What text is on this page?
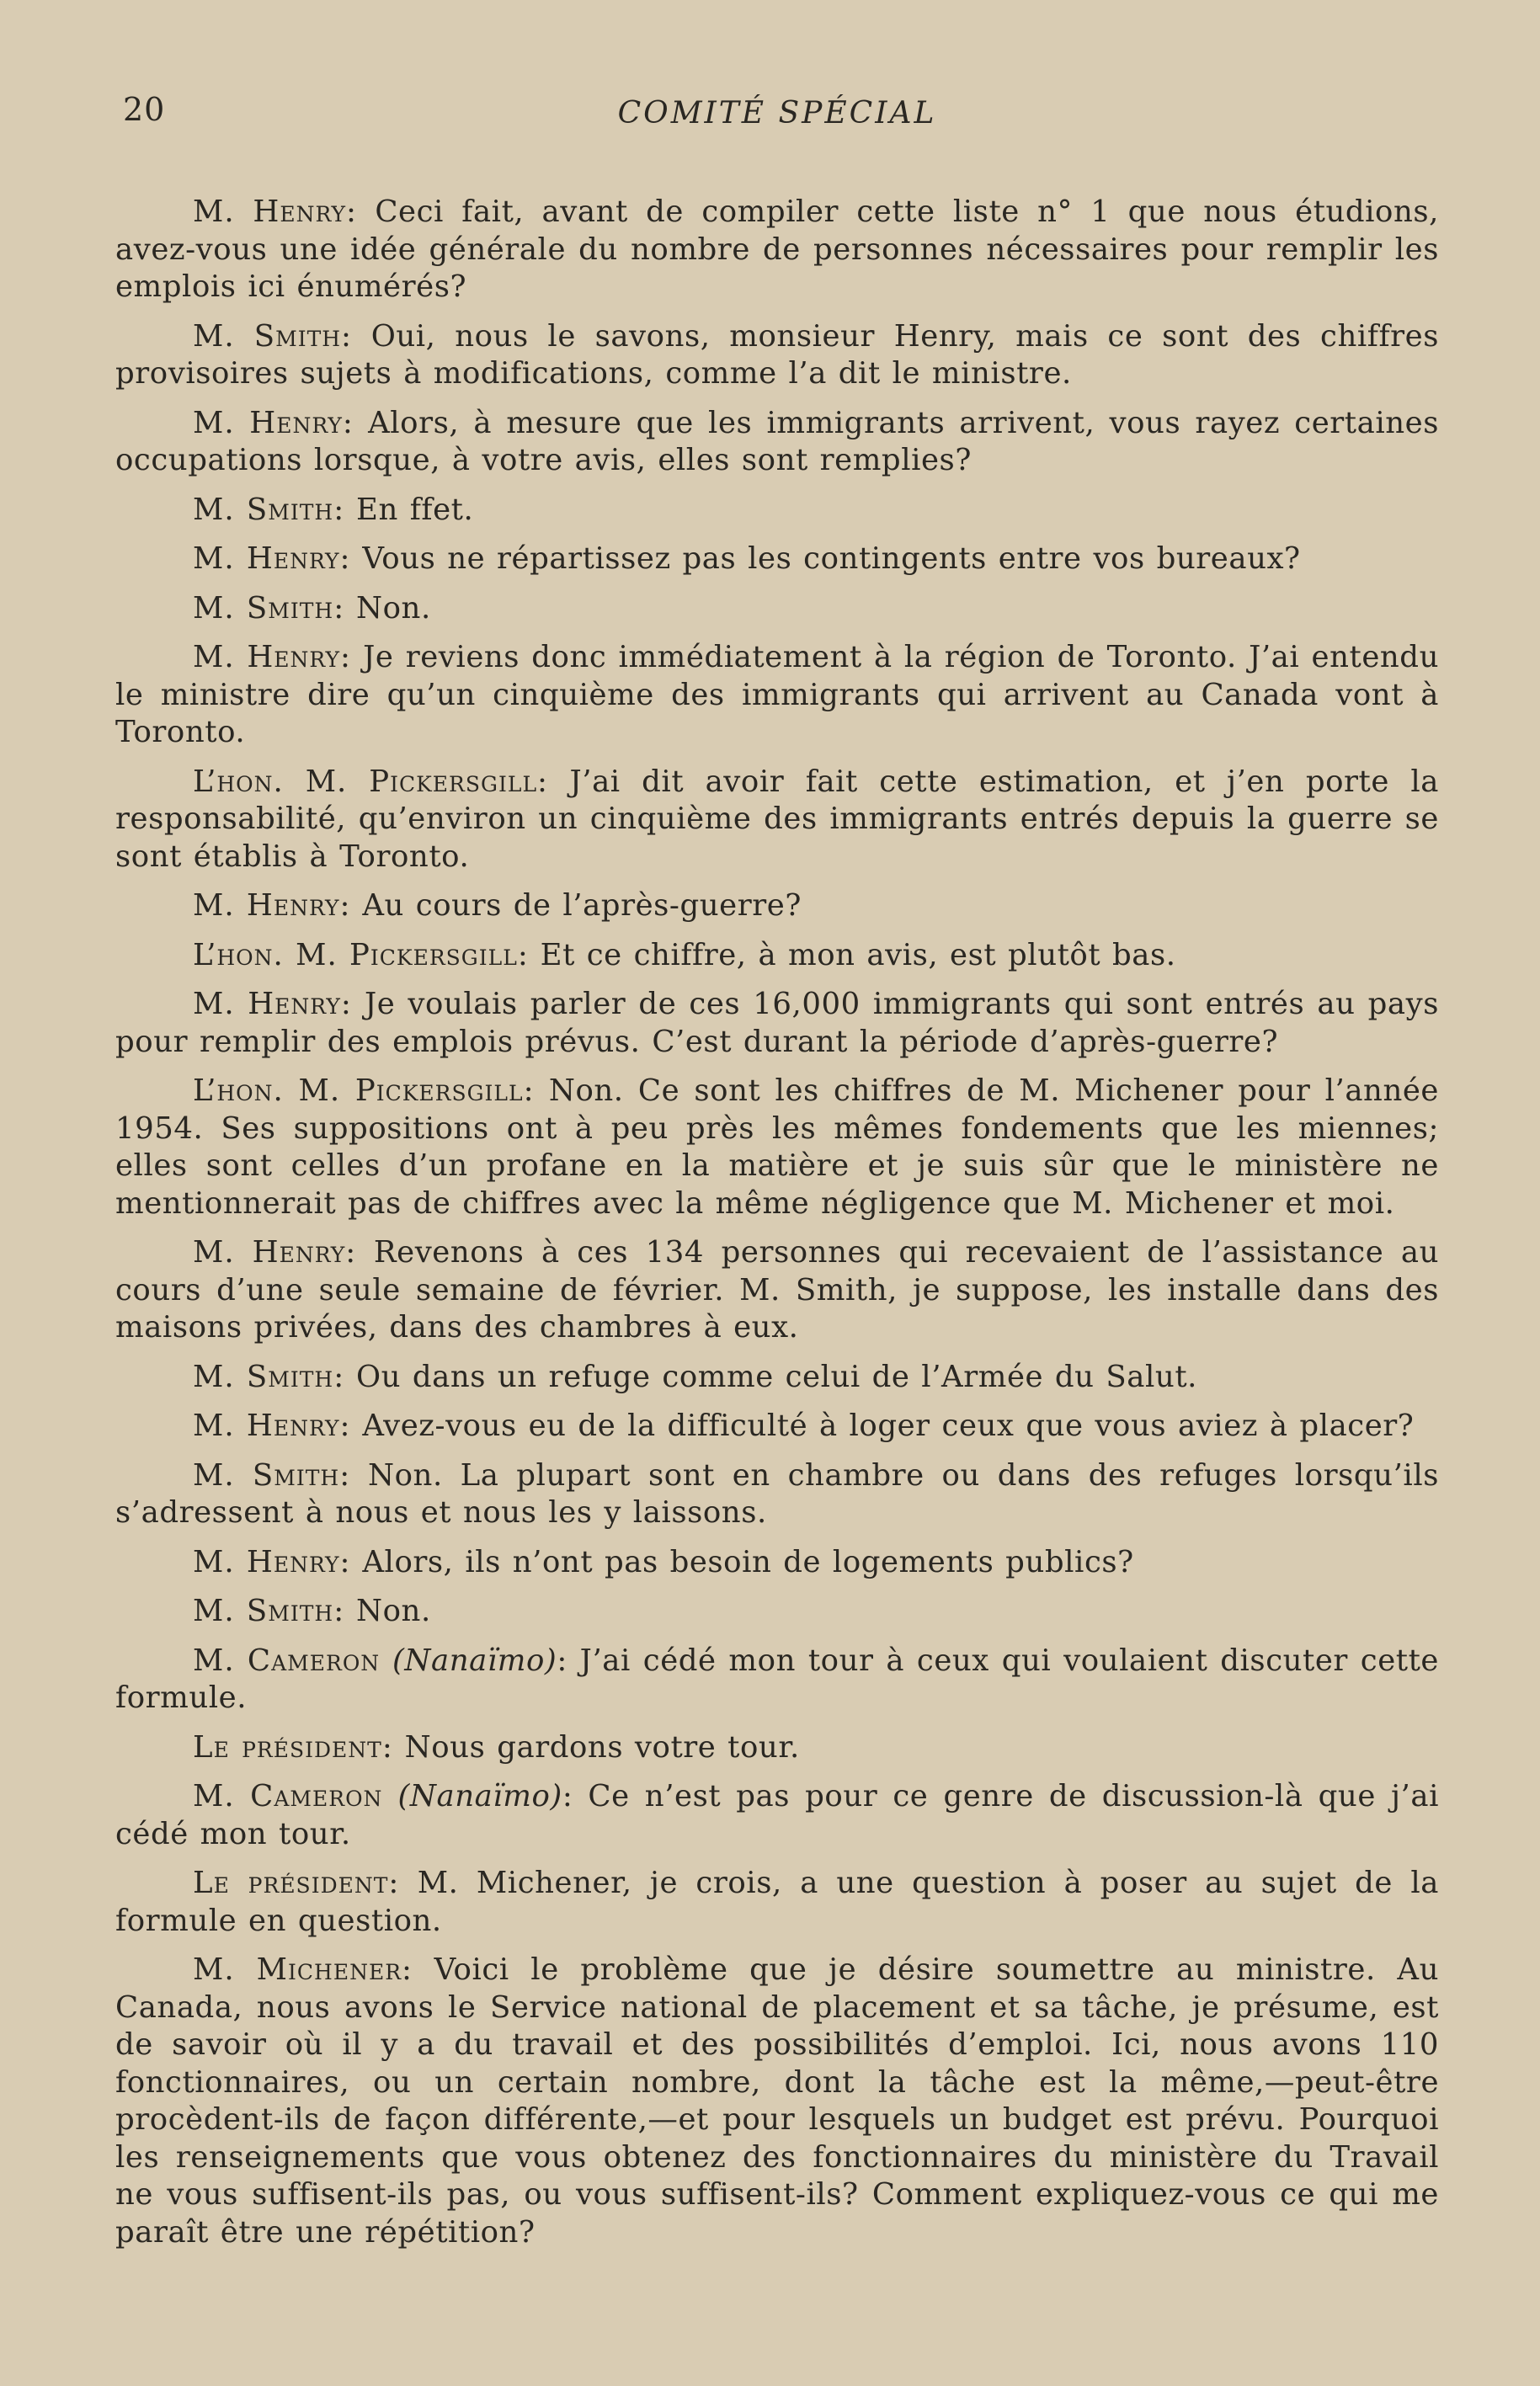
20	COMITÉ SPÉCIAL

M. Henry: Ceci fait, avant de compiler cette liste n° 1 que nous étudions, avez-vous une idée générale du nombre de personnes nécessaires pour remplir les emplois ici énumérés?

M. Smith: Oui, nous le savons, monsieur Henry, mais ce sont des chiffres provisoires sujets à modifications, comme l’a dit le ministre.

M. Henry: Alors, à mesure que les immigrants arrivent, vous rayez certaines occupations lorsque, à votre avis, elles sont remplies?

M. Smith: En ffet.

M. Henry: Vous ne répartissez pas les contingents entre vos bureaux?

M. Smith: Non.

M. Henry: Je reviens donc immédiatement à la région de Toronto. J’ai entendu le ministre dire qu’un cinquième des immigrants qui arrivent au Canada vont à Toronto.

L’hon. M. Pickersgill: J’ai dit avoir fait cette estimation, et j’en porte la responsabilité, qu’environ un cinquième des immigrants entrés depuis la guerre se sont établis à Toronto.

M. Henry: Au cours de l’après-guerre?

L’hon. M. Pickersgill: Et ce chiffre, à mon avis, est plutôt bas.

M. Henry: Je voulais parler de ces 16,000 immigrants qui sont entrés au pays pour remplir des emplois prévus. C’est durant la période d’après-guerre?

L’hon. M. Pickersgill: Non. Ce sont les chiffres de M. Michener pour l’année 1954. Ses suppositions ont à peu près les mêmes fondements que les miennes; elles sont celles d’un profane en la matière et je suis sûr que le ministère ne mentionnerait pas de chiffres avec la même négligence que M. Michener et moi.

M. Henry: Revenons à ces 134 personnes qui recevaient de l’assistance au cours d’une seule semaine de février. M. Smith, je suppose, les installe dans des maisons privées, dans des chambres à eux.

M. Smith: Ou dans un refuge comme celui de l’Armée du Salut.

M. Henry: Avez-vous eu de la difficulté à loger ceux que vous aviez à placer?

M. Smith: Non. La plupart sont en chambre ou dans des refuges lorsqu’ils s’adressent à nous et nous les y laissons.

M. Henry: Alors, ils n’ont pas besoin de logements publics?

M. Smith: Non.

M. Cameron (Nanaïmo): J’ai cédé mon tour à ceux qui voulaient discuter cette formule.

Le président: Nous gardons votre tour.

M. Cameron (Nanaïmo): Ce n’est pas pour ce genre de discussion-là que j’ai cédé mon tour.

Le président: M. Michener, je crois, a une question à poser au sujet de la formule en question.

M. Michener: Voici le problème que je désire soumettre au ministre. Au Canada, nous avons le Service national de placement et sa tâche, je présume, est de savoir où il y a du travail et des possibilités d’emploi. Ici, nous avons 110 fonctionnaires, ou un certain nombre, dont la tâche est la même,—peut-être procèdent-ils de façon différente,—et pour lesquels un budget est prévu. Pourquoi les renseignements que vous obtenez des fonctionnaires du ministère du Travail ne vous suffisent-ils pas, ou vous suffisent-ils? Comment expliquez-vous ce qui me paraît être une répétition?
